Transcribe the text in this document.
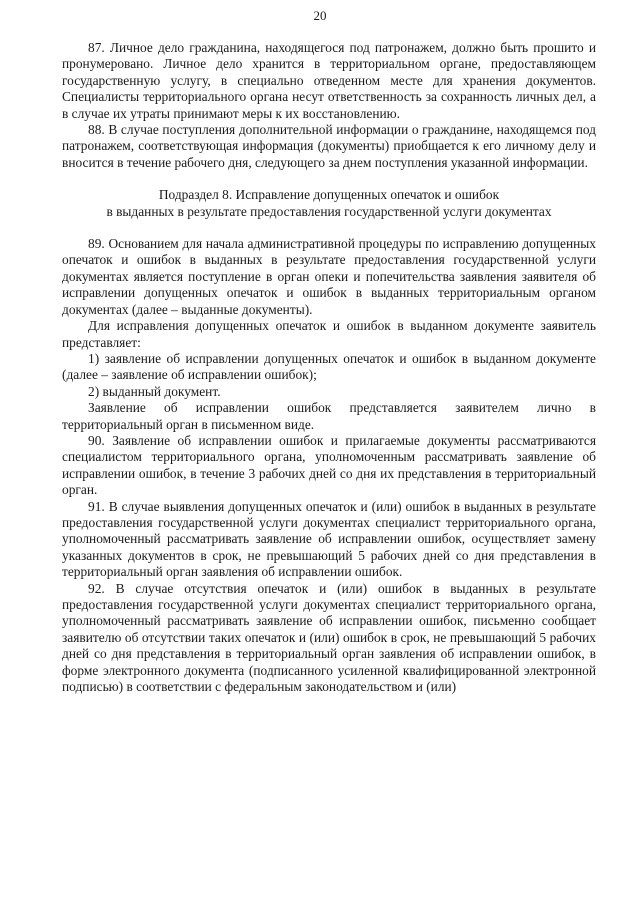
20

87. Личное дело гражданина, находящегося под патронажем, должно быть прошито и пронумеровано. Личное дело хранится в территориальном органе, предоставляющем государственную услугу, в специально отведенном месте для хранения документов. Специалисты территориального органа несут ответственность за сохранность личных дел, а в случае их утраты принимают меры к их восстановлению.

88. В случае поступления дополнительной информации о гражданине, находящемся под патронажем, соответствующая информация (документы) приобщается к его личному делу и вносится в течение рабочего дня, следующего за днем поступления указанной информации.

Подраздел 8. Исправление допущенных опечаток и ошибок
в выданных в результате предоставления государственной услуги документах

89. Основанием для начала административной процедуры по исправлению допущенных опечаток и ошибок в выданных в результате предоставления государственной услуги документах является поступление в орган опеки и попечительства заявления заявителя об исправлении допущенных опечаток и ошибок в выданных территориальным органом документах (далее – выданные документы).

Для исправления допущенных опечаток и ошибок в выданном документе заявитель представляет:

1) заявление об исправлении допущенных опечаток и ошибок в выданном документе (далее – заявление об исправлении ошибок);

2) выданный документ.

Заявление об исправлении ошибок представляется заявителем лично в территориальный орган в письменном виде.

90. Заявление об исправлении ошибок и прилагаемые документы рассматриваются специалистом территориального органа, уполномоченным рассматривать заявление об исправлении ошибок, в течение 3 рабочих дней со дня их представления в территориальный орган.

91. В случае выявления допущенных опечаток и (или) ошибок в выданных в результате предоставления государственной услуги документах специалист территориального органа, уполномоченный рассматривать заявление об исправлении ошибок, осуществляет замену указанных документов в срок, не превышающий 5 рабочих дней со дня представления в территориальный орган заявления об исправлении ошибок.

92. В случае отсутствия опечаток и (или) ошибок в выданных в результате предоставления государственной услуги документах специалист территориального органа, уполномоченный рассматривать заявление об исправлении ошибок, письменно сообщает заявителю об отсутствии таких опечаток и (или) ошибок в срок, не превышающий 5 рабочих дней со дня представления в территориальный орган заявления об исправлении ошибок, в форме электронного документа (подписанного усиленной квалифицированной электронной подписью) в соответствии с федеральным законодательством и (или)
